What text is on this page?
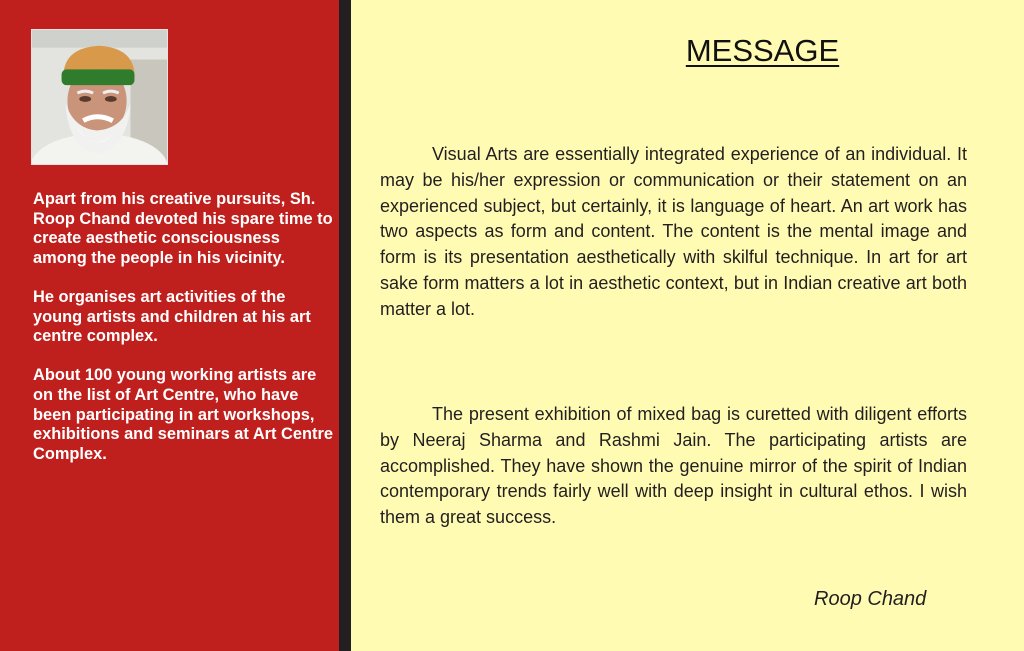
Apart from his creative pursuits, Sh. Roop Chand devoted his spare time to create aesthetic consciousness among the people in his vicinity.

He organises art activities of the young artists and children at his art centre complex.

About 100 young working artists are on the list of Art Centre, who have been participating in art workshops, exhibitions and seminars at Art Centre Complex.

MESSAGE

Visual Arts are essentially integrated experience of an individual. It may be his/her expression or communication or their statement on an experienced subject, but certainly, it is language of heart. An art work has two aspects as form and content. The content is the mental image and form is its presentation aesthetically with skilful technique. In art for art sake form matters a lot in aesthetic context, but in Indian creative art both matter a lot.

The present exhibition of mixed bag is curetted with diligent efforts by Neeraj Sharma and Rashmi Jain. The participating artists are accomplished. They have shown the genuine mirror of the spirit of Indian contemporary trends fairly well with deep insight in cultural ethos. I wish them a great success.

Roop Chand
